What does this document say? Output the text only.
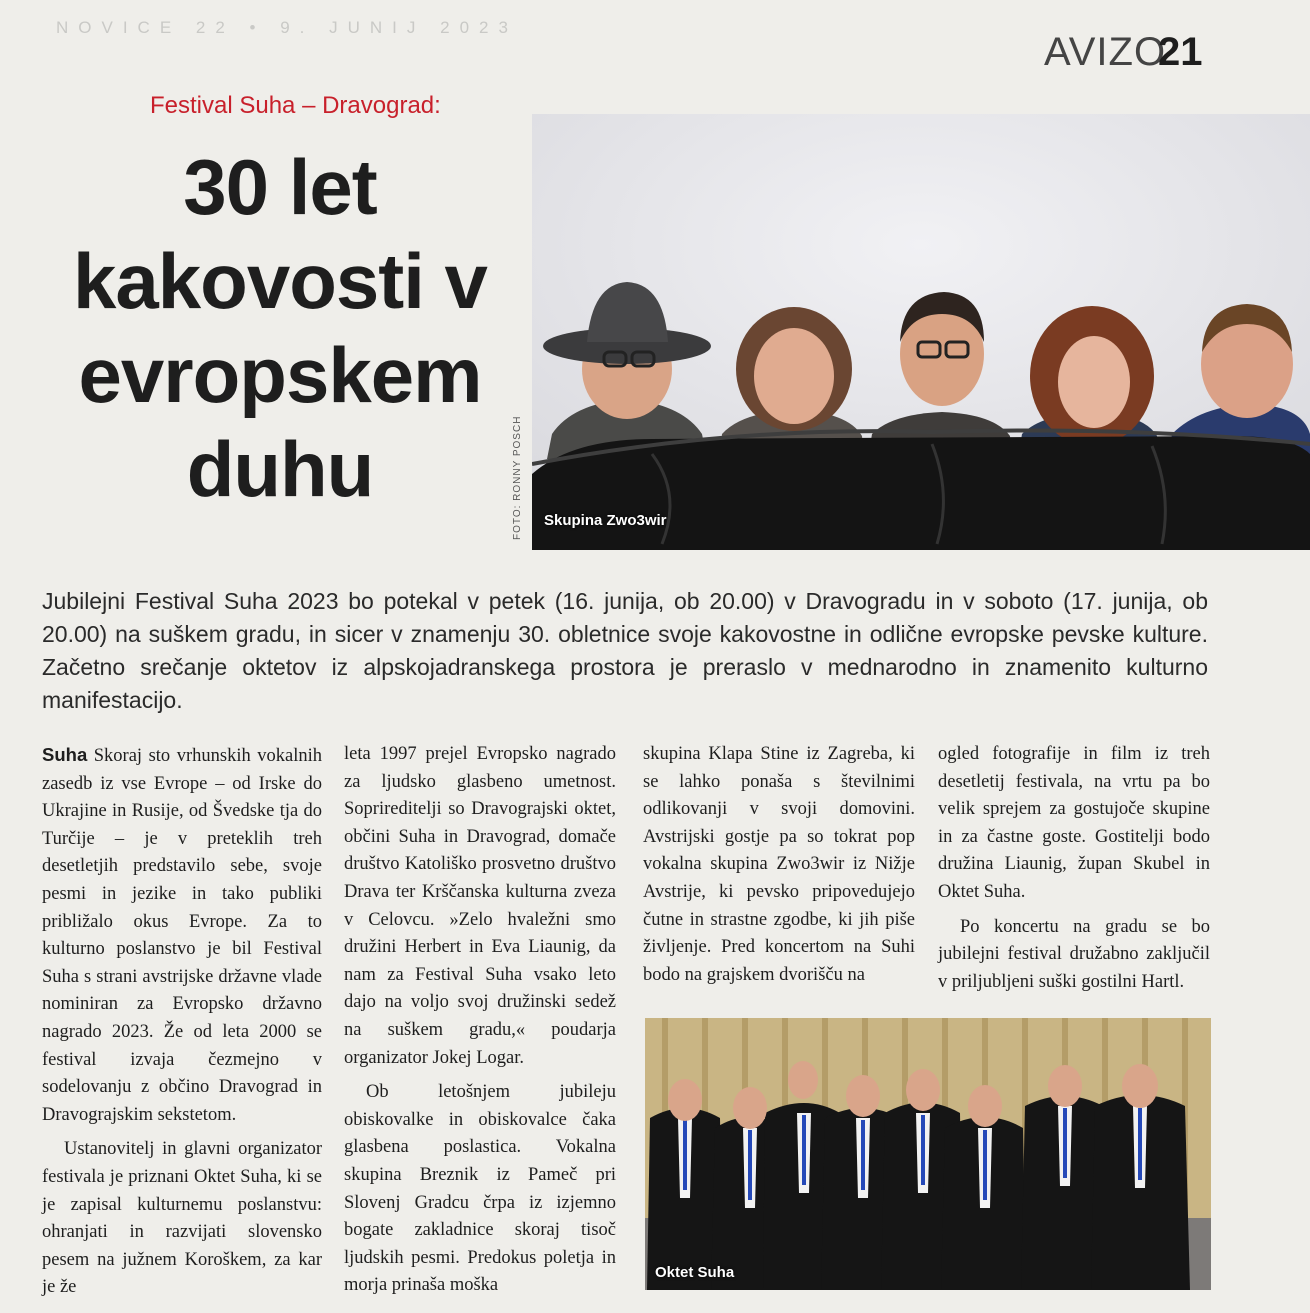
NOVICE 22 • 9. JUNIJ 2023
AVIZO
21
Festival Suha – Dravograd:
30 let kakovosti v evropskem duhu
Skupina Zwo3wir
FOTO: RONNY POSCH
Jubilejni Festival Suha 2023 bo potekal v petek (16. junija, ob 20.00) v Dravogradu in v soboto (17. junija, ob 20.00) na suškem gradu, in sicer v znamenju 30. obletnice svoje kakovostne in odlične evropske pevske kulture. Začetno srečanje oktetov iz alpskojadranskega prostora je preraslo v mednarodno in znamenito kulturno manifestacijo.

Suha Skoraj sto vrhunskih vokalnih zasedb iz vse Evrope – od Irske do Ukrajine in Rusije, od Švedske tja do Turčije – je v preteklih treh desetletjih predstavilo sebe, svoje pesmi in jezike in tako publiki približalo okus Evrope. Za to kulturno poslanstvo je bil Festival Suha s strani avstrijske državne vlade nominiran za Evropsko državno nagrado 2023. Že od leta 2000 se festival izvaja čezmejno v sodelovanju z občino Dravograd in Dravograjskim sekstetom.

Ustanovitelj in glavni organizator festivala je priznani Oktet Suha, ki se je zapisal kulturnemu poslanstvu: ohranjati in razvijati slovensko pesem na južnem Koroškem, za kar je že

leta 1997 prejel Evropsko nagrado za ljudsko glasbeno umetnost. Soprireditelji so Dravograjski oktet, občini Suha in Dravograd, domače društvo Katoliško prosvetno društvo Drava ter Krščanska kulturna zveza v Celovcu. »Zelo hvaležni smo družini Herbert in Eva Liaunig, da nam za Festival Suha vsako leto dajo na voljo svoj družinski sedež na suškem gradu,« poudarja organizator Jokej Logar.

Ob letošnjem jubileju obiskovalke in obiskovalce čaka glasbena poslastica. Vokalna skupina Breznik iz Pameč pri Slovenj Gradcu črpa iz izjemno bogate zakladnice skoraj tisoč ljudskih pesmi. Predokus poletja in morja prinaša moška

skupina Klapa Stine iz Zagreba, ki se lahko ponaša s številnimi odlikovanji v svoji domovini. Avstrijski gostje pa so tokrat pop vokalna skupina Zwo3wir iz Nižje Avstrije, ki pevsko pripovedujejo čutne in strastne zgodbe, ki jih piše življenje. Pred koncertom na Suhi bodo na grajskem dvorišču na

ogled fotografije in film iz treh desetletij festivala, na vrtu pa bo velik sprejem za gostujoče skupine in za častne goste. Gostitelji bodo družina Liaunig, župan Skubel in Oktet Suha.

Po koncertu na gradu se bo jubilejni festival družabno zaključil v priljubljeni suški gostilni Hartl.

Oktet Suha
